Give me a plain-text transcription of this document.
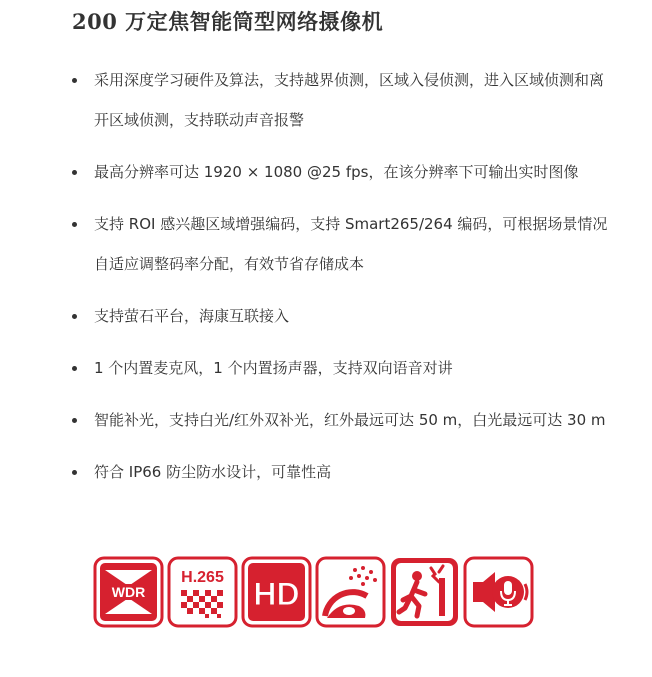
200 万定焦智能筒型网络摄像机
采用深度学习硬件及算法，支持越界侦测，区域入侵侦测，进入区域侦测和离开区域侦测，支持联动声音报警
最高分辨率可达 1920 × 1080 @25 fps，在该分辨率下可输出实时图像
支持 ROI 感兴趣区域增强编码，支持 Smart265/264 编码，可根据场景情况自适应调整码率分配，有效节省存储成本
支持萤石平台，海康互联接入
1 个内置麦克风，1 个内置扬声器，支持双向语音对讲
智能补光，支持白光/红外双补光，红外最远可达 50 m，白光最远可达 30 m
符合 IP66 防尘防水设计，可靠性高
WDR
H.265 HD
